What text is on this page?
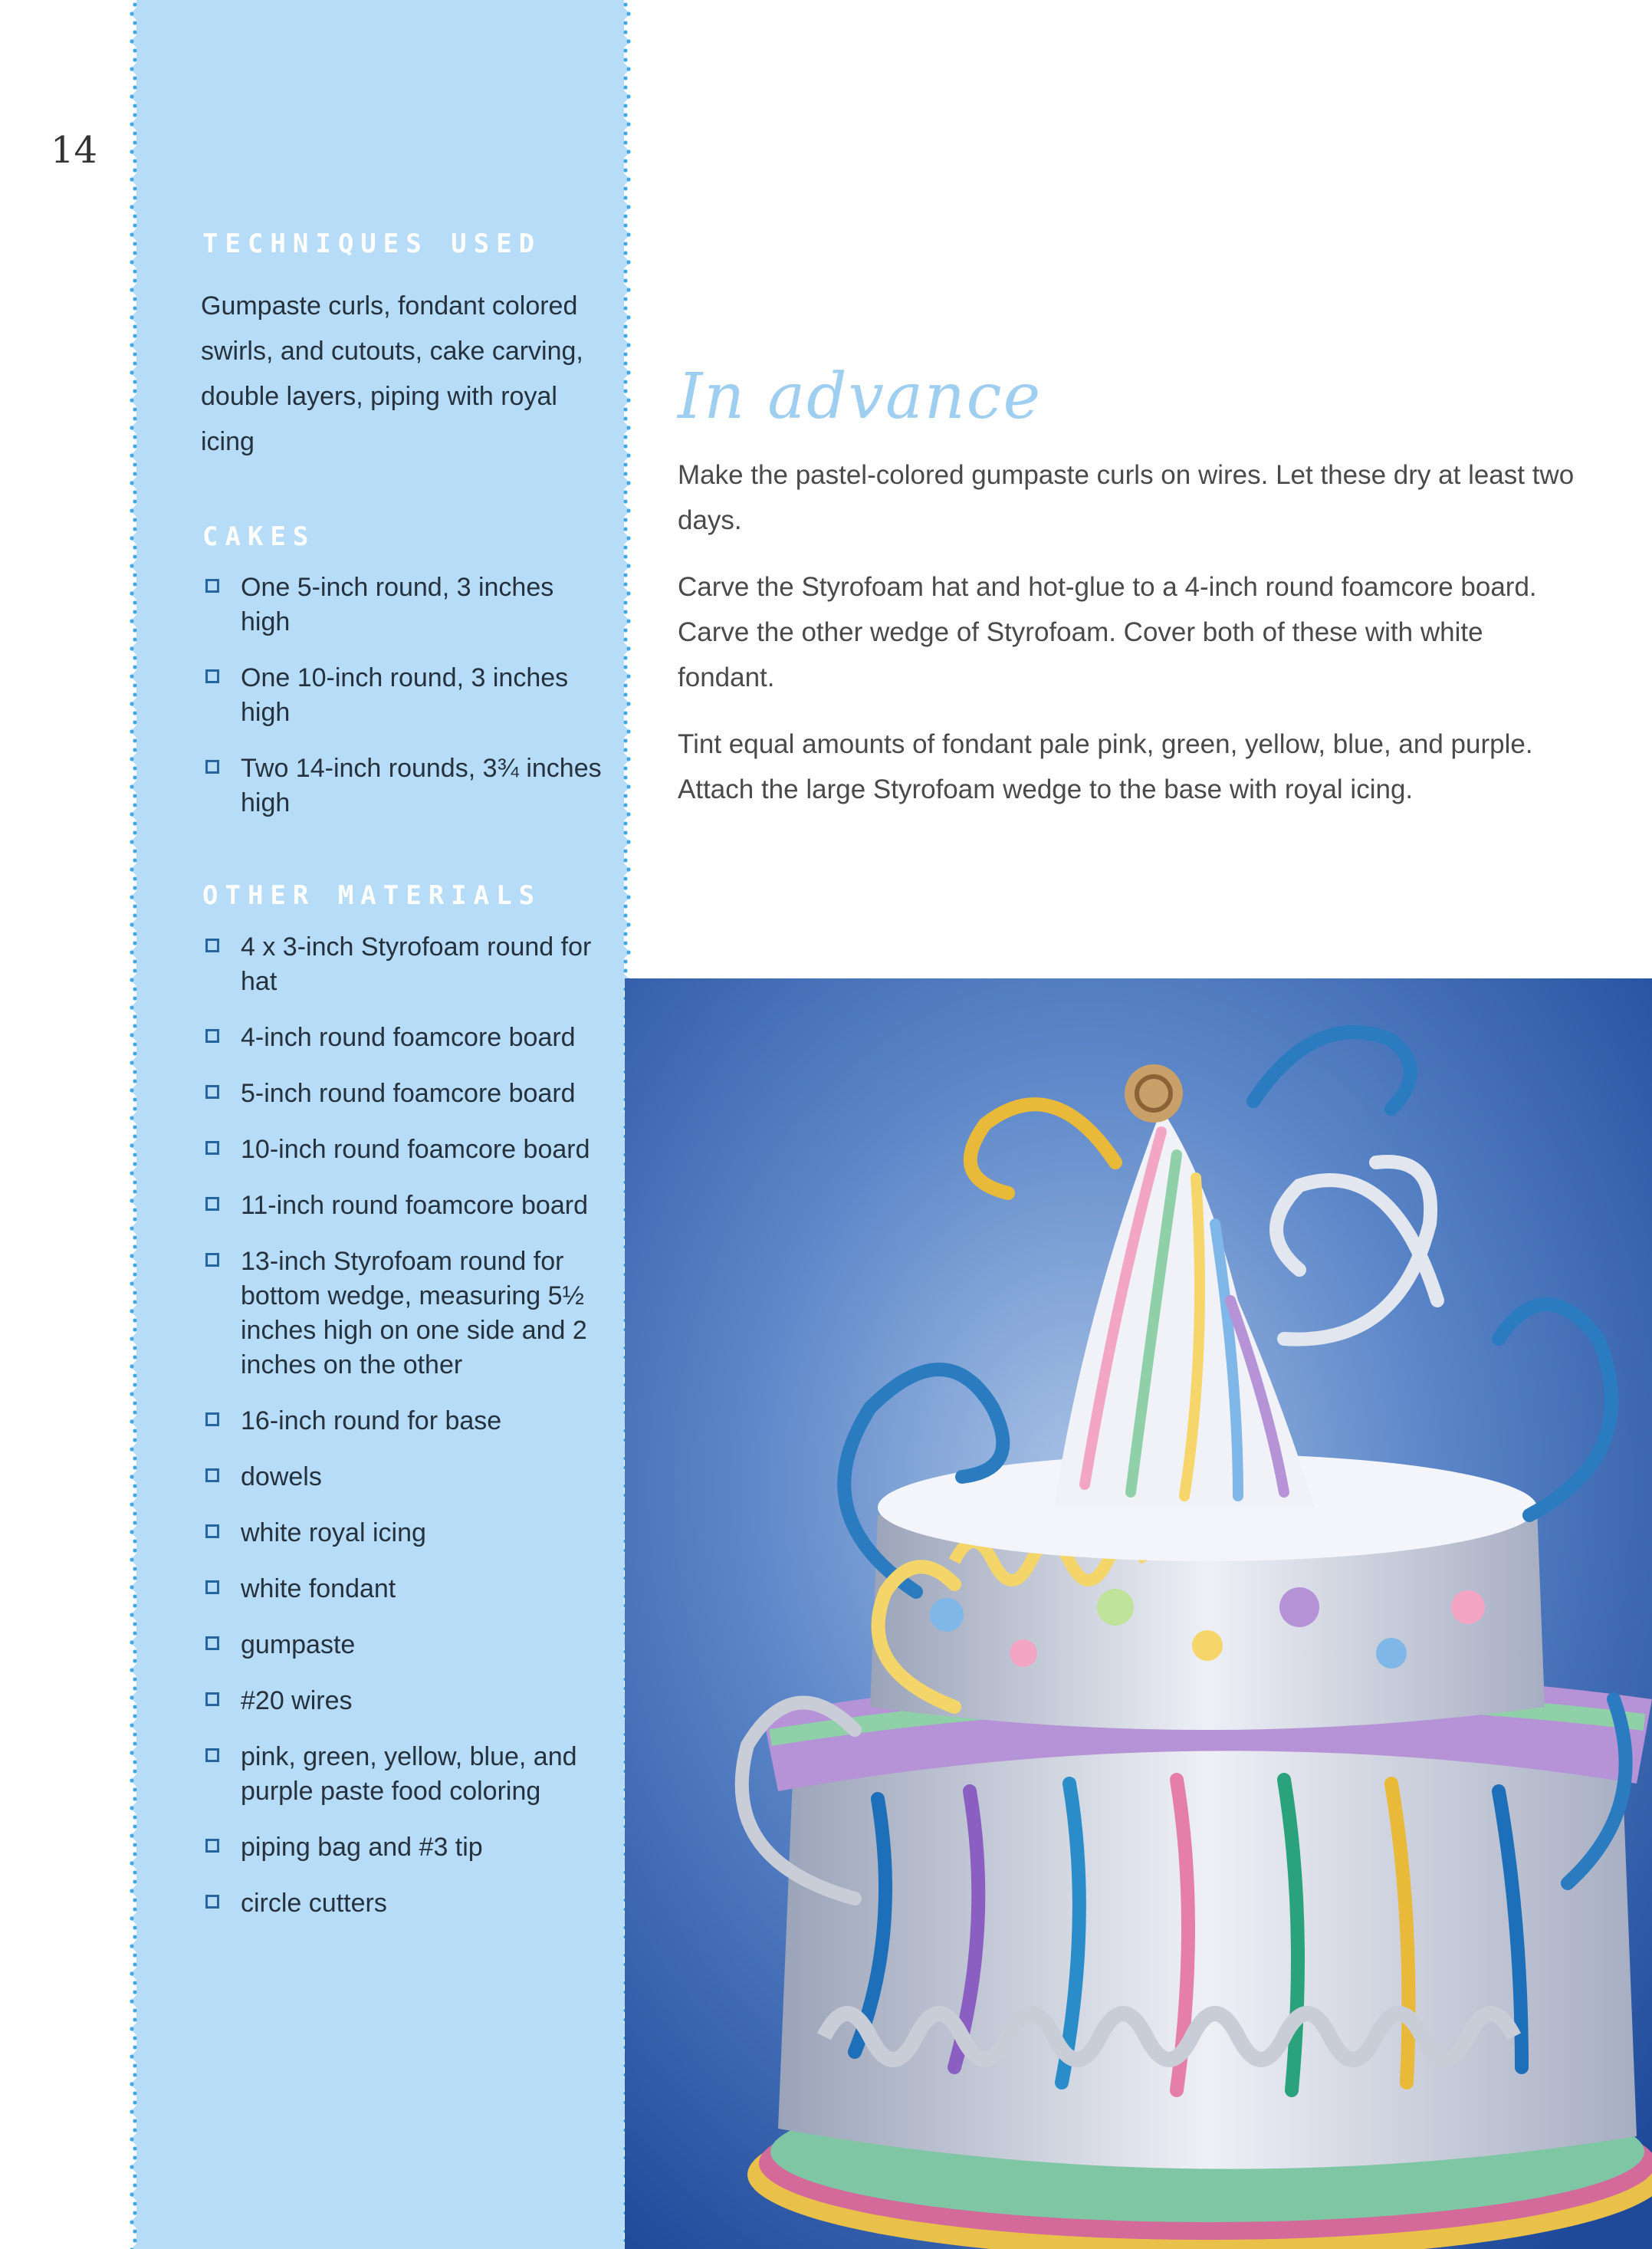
14
TECHNIQUES USED

Gumpaste curls, fondant colored swirls, and cutouts, cake carving, double layers, piping with royal icing

CAKES
One 5-inch round, 3 inches high
One 10-inch round, 3 inches high
Two 14-inch rounds, 3¾ inches high
OTHER MATERIALS
4 x 3-inch Styrofoam round for hat
4-inch round foamcore board
5-inch round foamcore board
10-inch round foamcore board
11-inch round foamcore board
13-inch Styrofoam round for bottom wedge, measuring 5½ inches high on one side and 2 inches on the other
16-inch round for base
dowels
white royal icing
white fondant
gumpaste
#20 wires
pink, green, yellow, blue, and purple paste food coloring
piping bag and #3 tip
circle cutters
In advance

Make the pastel-colored gumpaste curls on wires. Let these dry at least two days.

Carve the Styrofoam hat and hot-glue to a 4-inch round foamcore board. Carve the other wedge of Styrofoam. Cover both of these with white fondant.

Tint equal amounts of fondant pale pink, green, yellow, blue, and purple. Attach the large Styrofoam wedge to the base with royal icing.
